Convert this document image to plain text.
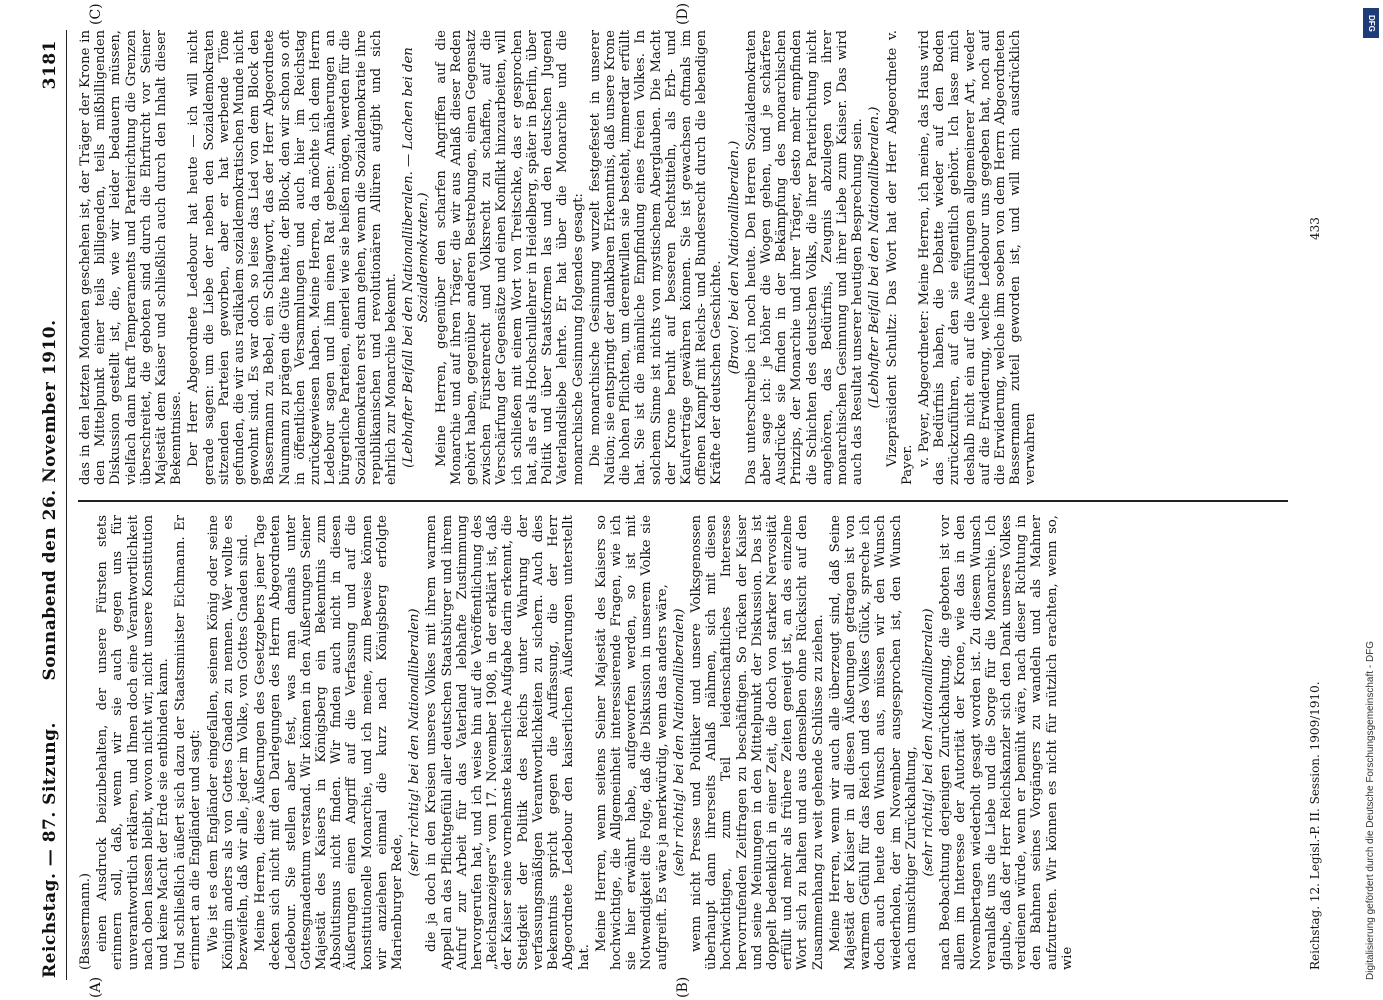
Reichstag. — 87. Sitzung.
Sonnabend den 26. November 1910.
3181
(A)	(B)
(C)	(D)

(Bassermann.) einen Ausdruck beizubehalten, der unsere Fürsten stets erinnern soll, daß, wenn wir sie auch gegen uns für unverantwortlich erklären, und Ihnen doch eine Verantwortlichkeit nach oben lassen bleibt, wovon nicht wir, nicht unsere Konstitution und keine Macht der Erde sie entbinden kann. Und schließlich äußert sich dazu der Staatsminister Eichmann. Er erinnert an die Engländer und sagt: Wie ist es dem Engländer eingefallen, seinem König oder seine Königin anders als von Gottes Gnaden zu nennen. Wer wollte es bezweifeln, daß wir alle, jeder im Volke, von Gottes Gnaden sind. Meine Herren, diese Äußerungen des Gesetzgebers jener Tage decken sich nicht mit den Darlegungen des Herrn Abgeordneten Ledebour. Sie stellen aber fest, was man damals unter Gottesgnadentum verstand. Wir können in den Äußerungen Seiner Majestät des Kaisers in Königsberg ein Bekenntnis zum Absolutismus nicht finden. Wir finden auch nicht in diesen Äußerungen einen Angriff auf die Verfassung und auf die konstitutionelle Monarchie, und ich meine, zum Beweise können wir anziehen einmal die kurz nach Königsberg erfolgte Marienburger Rede,

(sehr richtig! bei den Nationalliberalen) die ja doch in den Kreisen unseres Volkes mit ihrem warmen Appell an das Pflichtgefühl aller deutschen Staatsbürger und ihrem Aufruf zur Arbeit für das Vaterland lebhafte Zustimmung hervorgerufen hat, und ich weise hin auf die Veröffentlichung des „Reichsanzeigers“ vom 17. November 1908, in der erklärt ist, daß der Kaiser seine vornehmste kaiserliche Aufgabe darin erkennt, die Stetigkeit der Politik des Reichs unter Wahrung der verfassungsmäßigen Verantwortlichkeiten zu sichern. Auch dies Bekenntnis spricht gegen die Auffassung, die der Herr Abgeordnete Ledebour den kaiserlichen Äußerungen unterstellt hat.

Meine Herren, wenn seitens Seiner Majestät des Kaisers so hochwichtige, die Allgemeinheit interessierende Fragen, wie ich sie hier erwähnt habe, aufgeworfen werden, so ist mit Notwendigkeit die Folge, daß die Diskussion in unserem Volke sie aufgreift. Es wäre ja merkwürdig, wenn das anders wäre, (sehr richtig! bei den Nationalliberalen) wenn nicht Presse und Politiker und unsere Volksgenossen überhaupt dann ihrerseits Anlaß nähmen, sich mit diesen hochwichtigen, zum Teil leidenschaftliches Interesse hervorrufenden Zeitfragen zu beschäftigen. So rücken der Kaiser und seine Meinungen in den Mittelpunkt der Diskussion. Das ist doppelt bedenklich in einer Zeit, die doch von starker Nervosität erfüllt und mehr als frühere Zeiten geneigt ist, an das einzelne Wort sich zu halten und aus demselben ohne Rücksicht auf den Zusammenhang zu weit gehende Schlüsse zu ziehen. Meine Herren, wenn wir auch alle überzeugt sind, daß Seine Majestät der Kaiser in all diesen Äußerungen getragen ist von warmem Gefühl für das Reich und des Volkes Glück, spreche ich doch auch heute den Wunsch aus, müssen wir den Wunsch wiederholen, der im November ausgesprochen ist, den Wunsch nach umsichtiger Zurückhaltung, (sehr richtig! bei den Nationalliberalen) nach Beobachtung derjenigen Zurückhaltung, die geboten ist vor allem im Interesse der Autorität der Krone, wie das in den Novembertagen wiederholt gesagt worden ist. Zu diesem Wunsch veranlaßt uns die Liebe und die Sorge für die Monarchie. Ich glaube, daß der Herr Reichskanzler sich den Dank unseres Volkes verdienen würde, wenn er bemüht wäre, nach dieser Richtung in den Bahnen seines Vorgängers zu wandeln und als Mahner aufzutreten. Wir können es nicht für nützlich erachten, wenn so, wie

das in den letzten Monaten geschehen ist, der Träger der Krone in den Mittelpunkt einer teils billigenden, teils mißbilligenden Diskussion gestellt ist, die, wie wir leider bedauern müssen, vielfach dann kraft Temperaments und Parteirichtung die Grenzen überschreitet, die geboten sind durch die Ehrfurcht vor Seiner Majestät dem Kaiser und schließlich auch durch den Inhalt dieser Bekenntnisse. Der Herr Abgeordnete Ledebour hat heute — ich will nicht gerade sagen: um die Liebe der neben den Sozialdemokraten sitzenden Parteien geworben, aber er hat werbende Töne gefunden, die wir aus radikalem sozialdemokratischen Munde nicht gewohnt sind. Es war doch so leise das Lied von dem Block den Bassermann zu Bebel, ein Schlagwort, das der Herr Abgeordnete Naumann zu prägen die Güte hatte, der Block, den wir schon so oft in öffentlichen Versammlungen und auch hier im Reichstag zurückgewiesen haben. Meine Herren, da möchte ich dem Herrn Ledebour sagen und ihm einen Rat geben: Annäherungen an bürgerliche Parteien, einerlei wie sie heißen mögen, werden für die Sozialdemokraten erst dann gehen, wenn die Sozialdemokratie ihre republikanischen und revolutionären Allüren aufgibt und sich ehrlich zur Monarchie bekennt. (Lebhafter Beifall bei den Nationalliberalen. — Lachen bei den Sozialdemokraten.) Meine Herren, gegenüber den scharfen Angriffen auf die Monarchie und auf ihren Träger, die wir aus Anlaß dieser Reden gehört haben, gegenüber anderen Bestrebungen, einen Gegensatz zwischen Fürstenrecht und Volksrecht zu schaffen, auf die Verschärfung der Gegensätze und einen Konflikt hinzuarbeiten, will ich schließen mit einem Wort von Treitschke, das er gesprochen hat, als er als Hochschullehrer in Heidelberg, später in Berlin, über Politik und über Staatsformen las und den deutschen Jugend Vaterlandsliebe lehrte. Er hat über die Monarchie und die monarchische Gesinnung folgendes gesagt: Die monarchische Gesinnung wurzelt festgefestet in unserer Nation; sie entspringt der dankbaren Erkenntnis, daß unsere Krone die hohen Pflichten, um derentwillen sie besteht, immerdar erfüllt hat. Sie ist die männliche Empfindung eines freien Volkes. In solchem Sinne ist nichts von mystischem Aberglauben. Die Macht der Krone beruht auf besseren Rechtstiteln, als Erb- und Kaufverträge gewähren können. Sie ist gewachsen oftmals im offenen Kampf mit Reichs- und Bundesrecht durch die lebendigen Kräfte der deutschen Geschichte. (Bravo! bei den Nationalliberalen.) Das unterschreibe ich noch heute. Den Herren Sozialdemokraten aber sage ich: je höher die Wogen gehen, und je schärfere Ausdrücke sie finden in der Bekämpfung des monarchischen Prinzips, der Monarchie und ihrer Träger, desto mehr empfinden die Schichten des deutschen Volks, die ihrer Parteirichtung nicht angehören, das Bedürfnis, Zeugnis abzulegen von ihrer monarchischen Gesinnung und ihrer Liebe zum Kaiser. Das wird auch das Resultat unserer heutigen Besprechung sein. (Lebhafter Beifall bei den Nationalliberalen.) Vizepräsident Schultz: Das Wort hat der Herr Abgeordnete v. Payer. v. Payer, Abgeordneter: Meine Herren, ich meine, das Haus wird das Bedürfnis haben, die Debatte wieder auf den Boden zurückzuführen, auf den sie eigentlich gehört. Ich lasse mich deshalb nicht ein auf die Ausführungen allgemeinerer Art, weder auf die Erwiderung, welche Ledebour uns gegeben hat, noch auf die Erwiderung, welche ihm soeben von dem Herrn Abgeordneten Bassermann zuteil geworden ist, und will mich ausdrücklich verwahren

Reichstag. 12. Legisl.-P. II. Session. 1909/1910.
433
DFG
Digitalisierung gefördert durch die Deutsche Forschungsgemeinschaft - DFG
